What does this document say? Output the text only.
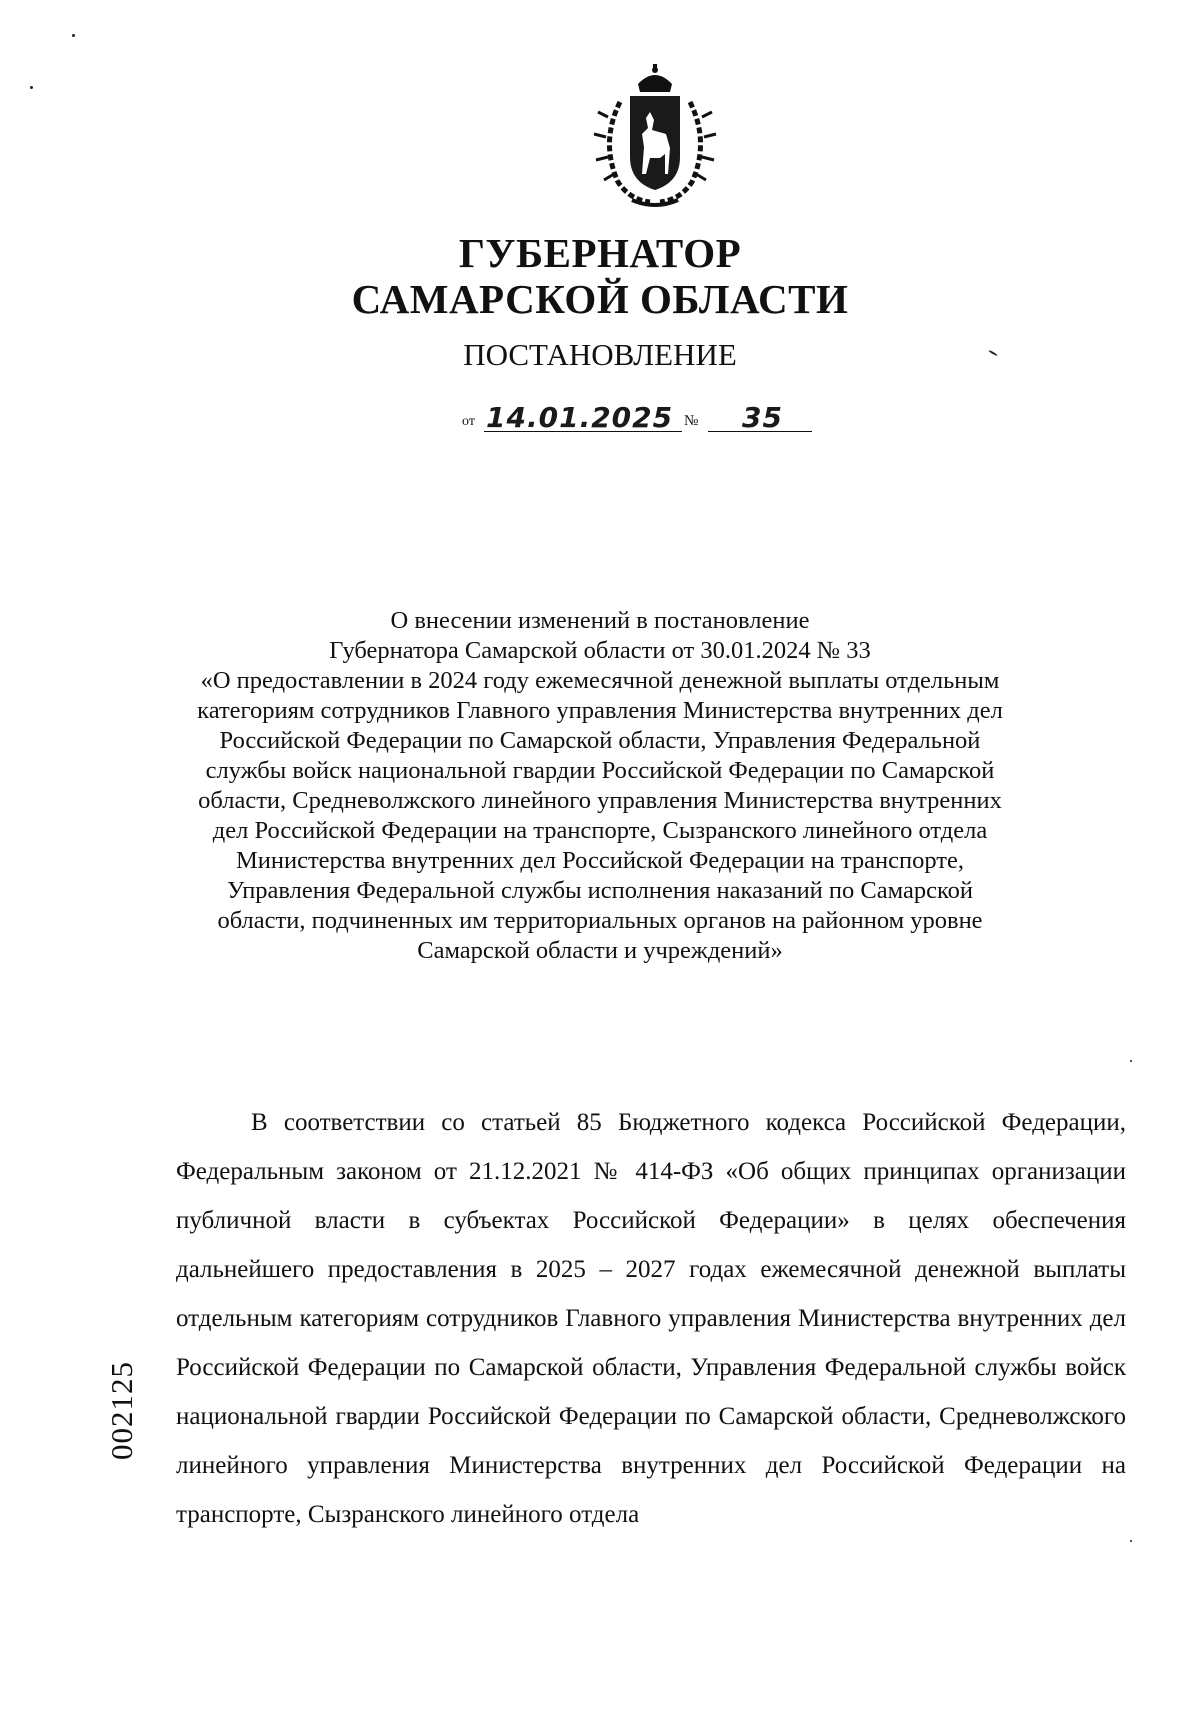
ГУБЕРНАТОР
САМАРСКОЙ ОБЛАСТИ
ПОСТАНОВЛЕНИЕ
от 14.01.2025 № 35
О внесении изменений в постановление
Губернатора Самарской области от 30.01.2024 № 33
«О предоставлении в 2024 году ежемесячной денежной выплаты отдельным
категориям сотрудников Главного управления Министерства внутренних дел
Российской Федерации по Самарской области, Управления Федеральной
службы войск национальной гвардии Российской Федерации по Самарской
области, Средневолжского линейного управления Министерства внутренних
дел Российской Федерации на транспорте, Сызранского линейного отдела
Министерства внутренних дел Российской Федерации на транспорте,
Управления Федеральной службы исполнения наказаний по Самарской
области, подчиненных им территориальных органов на районном уровне
Самарской области и учреждений»
В соответствии со статьей 85 Бюджетного кодекса Российской Федерации, Федеральным законом от 21.12.2021 № 414-ФЗ «Об общих принципах организации публичной власти в субъектах Российской Федерации» в целях обеспечения дальнейшего предоставления в 2025 – 2027 годах ежемесячной денежной выплаты отдельным категориям сотрудников Главного управления Министерства внутренних дел Российской Федерации по Самарской области, Управления Федеральной службы войск национальной гвардии Российской Федерации по Самарской области, Средневолжского линейного управления Министерства внутренних дел Российской Федерации на транспорте, Сызранского линейного отдела
002125
